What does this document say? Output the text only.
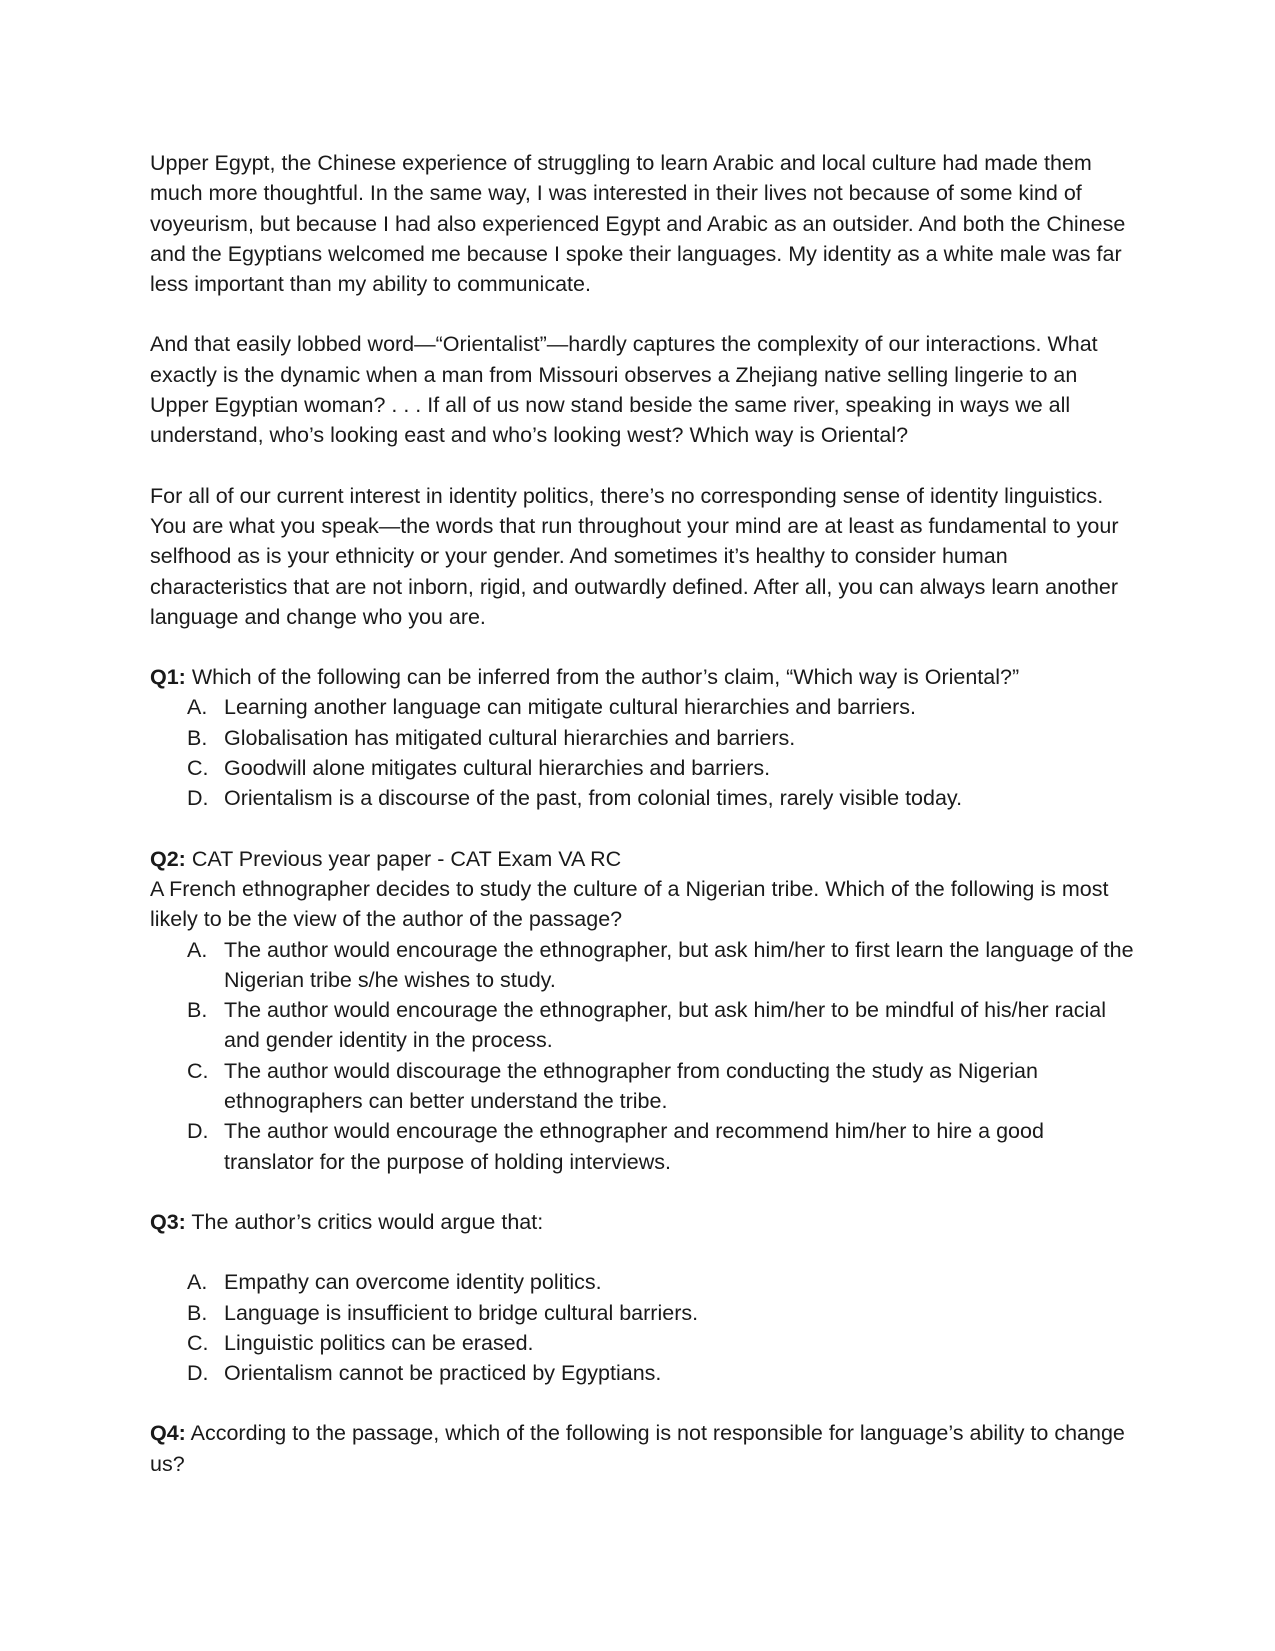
Upper Egypt, the Chinese experience of struggling to learn Arabic and local culture had made them much more thoughtful. In the same way, I was interested in their lives not because of some kind of voyeurism, but because I had also experienced Egypt and Arabic as an outsider. And both the Chinese and the Egyptians welcomed me because I spoke their languages. My identity as a white male was far less important than my ability to communicate.

And that easily lobbed word—“Orientalist”—hardly captures the complexity of our interactions. What exactly is the dynamic when a man from Missouri observes a Zhejiang native selling lingerie to an Upper Egyptian woman? . . . If all of us now stand beside the same river, speaking in ways we all understand, who’s looking east and who’s looking west? Which way is Oriental?

For all of our current interest in identity politics, there’s no corresponding sense of identity linguistics. You are what you speak—the words that run throughout your mind are at least as fundamental to your selfhood as is your ethnicity or your gender. And sometimes it’s healthy to consider human characteristics that are not inborn, rigid, and outwardly defined. After all, you can always learn another language and change who you are.

Q1: Which of the following can be inferred from the author’s claim, “Which way is Oriental?”

A. Learning another language can mitigate cultural hierarchies and barriers.
B. Globalisation has mitigated cultural hierarchies and barriers.
C. Goodwill alone mitigates cultural hierarchies and barriers.
D. Orientalism is a discourse of the past, from colonial times, rarely visible today.

Q2: CAT Previous year paper - CAT Exam VA RC

A French ethnographer decides to study the culture of a Nigerian tribe. Which of the following is most likely to be the view of the author of the passage?

A. The author would encourage the ethnographer, but ask him/her to first learn the language of the Nigerian tribe s/he wishes to study.
B. The author would encourage the ethnographer, but ask him/her to be mindful of his/her racial and gender identity in the process.
C. The author would discourage the ethnographer from conducting the study as Nigerian ethnographers can better understand the tribe.
D. The author would encourage the ethnographer and recommend him/her to hire a good translator for the purpose of holding interviews.

Q3: The author’s critics would argue that:

A. Empathy can overcome identity politics.
B. Language is insufficient to bridge cultural barriers.
C. Linguistic politics can be erased.
D. Orientalism cannot be practiced by Egyptians.

Q4: According to the passage, which of the following is not responsible for language’s ability to change us?
